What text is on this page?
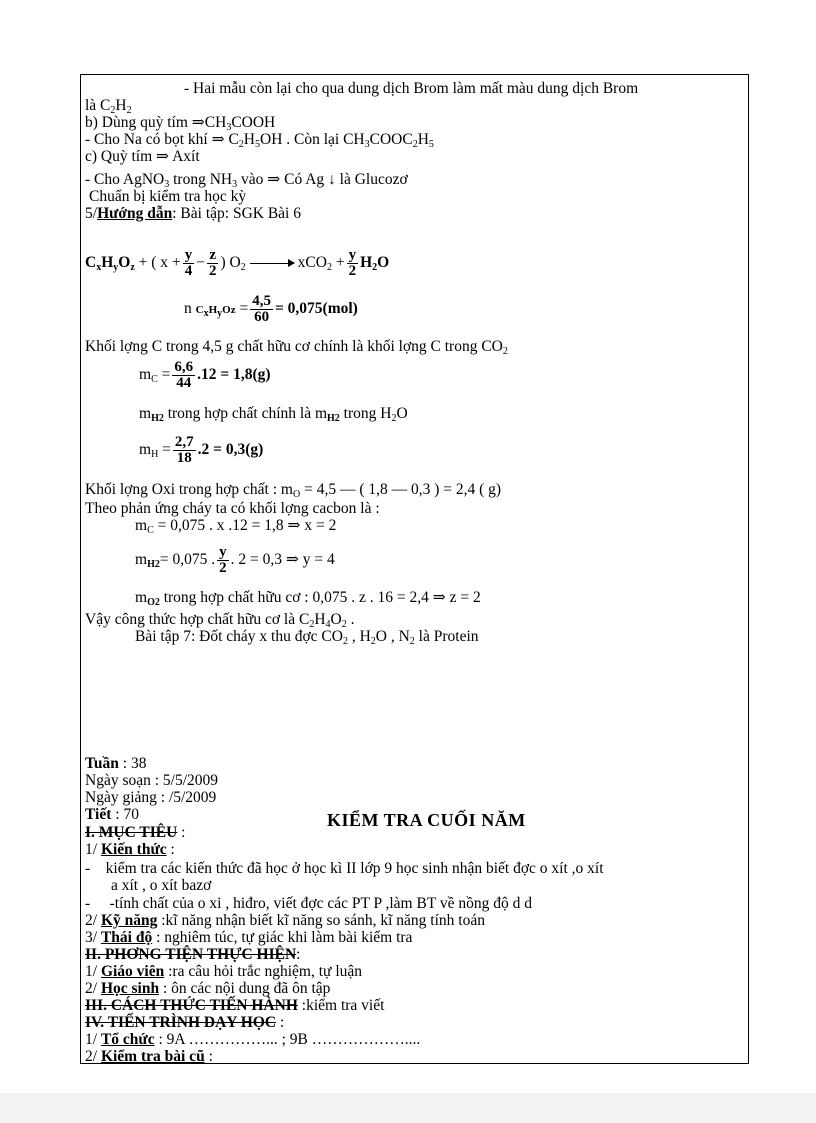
- Hai mẫu còn lại cho qua dung dịch Brom làm mất màu dung dịch Brom
là $C_2H_2$
b) Dùng quỳ tím $\Rightarrow CH_3COOH$
- Cho Na có bọt khí ⇒ $C_2H_5OH$ . Còn lại $CH_3COOC_2H_5$
c) Quỳ tím ⇒ Axít
- Cho AgNO$_3$ trong $NH_3$ vào ⇒ Có Ag ↓ là Glucozơ
Chuẩn bị kiểm tra học kỳ
5/Hướng dẫn: Bài tập: SGK Bài 6
$C_xH_yO_z$ + ( $x + \frac{y}{4} - \frac{z}{2}$ ) $O_2 \to xCO_2 + \frac{y}{2} H_2O$
n $C_xH_yOz = \frac{4,5}{60} = 0,075(mol)$
Khối lợng C trong 4,5 g chất hữu cơ chính là khối lợng C trong $CO_2$
$m_C = \frac{6,6}{44} .12 = 1,8(g)$
$m_{H2}$ trong hợp chất chính là $m_{H2}$ trong $H_2O$
$m_H = \frac{2,7}{18} .2 = 0,3(g)$
Khối lợng Oxi trong hợp chất : $m_O = 4,5$ — ( 1,8 — 0,3 ) = 2,4 ( g)
Theo phản ứng cháy ta có khối lợng cacbon là :
$m_C = 0,075$ . x .12 = 1,8 ⇒ x = 2
$m_{H2}= 0,075$ . $\frac{y}{2}$ . 2 = 0,3 ⇒ y = 4
$m_{O2}$ trong hợp chất hữu cơ : 0,075 . z . 16 = 2,4 ⇒ z = 2
Vậy công thức hợp chất hữu cơ là $C_2H_4O_2$ .
Bài tập 7: Đốt cháy x thu đợc $CO_2$ , $H_2O$ , $N_2$ là Protein
Tuần : 38
Ngày soạn : 5/5/2009
Ngày giảng : /5/2009
Tiết : 70	KIỂM TRA CUỐI NĂM
I. MỤC TIÊU :
1/ Kiến thức :
-    kiểm tra các kiến thức đã học ở học kì II lớp 9 học sinh nhận biết đợc o xít ,o xít
a xít , o xít bazơ
-     -tính chất của o xi , hiđro, viết đợc các PT P ,làm BT về nồng độ d d
2/ Kỹ năng :kĩ năng nhận biết kĩ năng so sánh, kĩ năng tính toán
3/ Thái độ : nghiêm túc, tự giác khi làm bài kiểm tra
II. PHƠNG TIỆN THỰC HIỆN:
1/ Giáo viên :ra câu hỏi trắc nghiệm, tự luận
2/ Học sinh : ôn các nội dung đã ôn tập
III. CÁCH THỨC TIẾN HÀNH :kiểm tra viết
IV. TIẾN TRÌNH DẠY HỌC :
1/ Tổ chức : 9A ……………... ; 9B ………………....
2/ Kiểm tra bài cũ :
